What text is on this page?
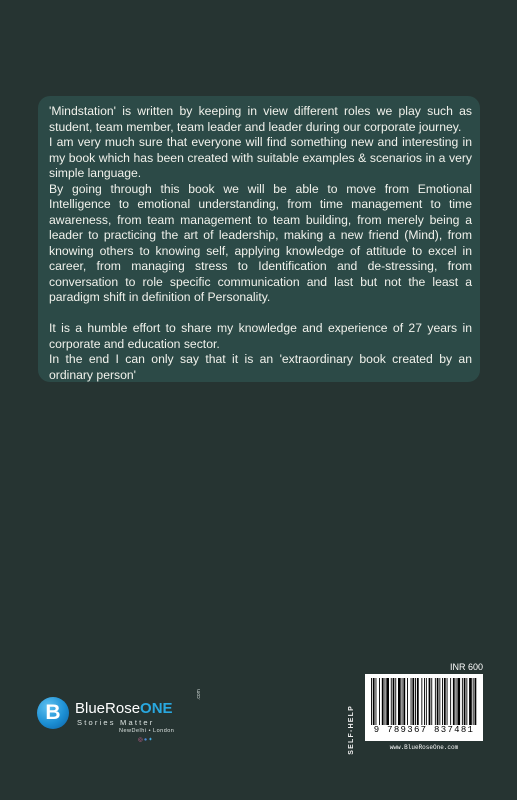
'Mindstation' is written by keeping in view different roles we play such as student, team member, team leader and leader during our corporate journey.

I am very much sure that everyone will find something new and interesting in my book which has been created with suitable examples & scenarios in a very simple language.

By going through this book we will be able to move from Emotional Intelligence to emotional understanding, from time management to time awareness, from team management to team building, from merely being a leader to practicing the art of leadership, making a new friend (Mind), from knowing others to knowing self, applying knowledge of attitude to excel in career, from managing stress to Identification and de-stressing, from conversation to role specific communication and last but not the least a paradigm shift in definition of Personality.

It is a humble effort to share my knowledge and experience of 27 years in corporate and education sector.

In the end I can only say that it is an 'extraordinary book created by an ordinary person'

B BlueRoseONE
.com
Stories Matter
NewDelhi • London
◎●✦
INR 600
SELF-HELP	9 789367 837481
www.BlueRoseOne.com
